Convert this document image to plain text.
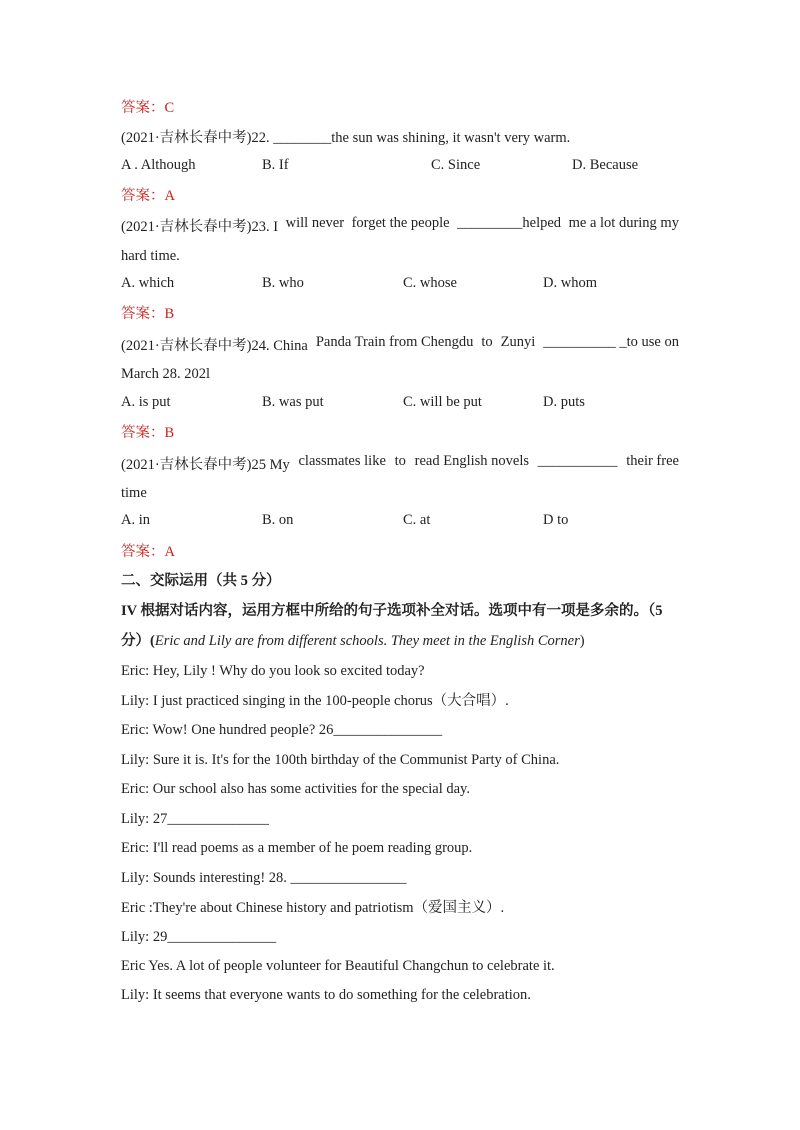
答案：C
(2021·吉林长春中考)22. ________the sun was shining, it wasn't very warm.
A . Although	B. If	C. Since	D. Because
答案：A
(2021·吉林长春中考)23. I will never forget the people _________helped me a lot during my
hard time.
A. which	B. who	C. whose	D. whom
答案：B
(2021·吉林长春中考)24. China Panda Train from Chengdu to Zunyi __________ _to use on
March 28. 202l
A. is put	B. was put	C. will be put	D. puts
答案：B
(2021·吉林长春中考)25 My classmates like to read English novels ___________ their free
time
A. in	B. on	C. at	D to
答案：A
二、交际运用（共 5 分）
IV 根据对话内容，运用方框中所给的句子选项补全对话。选项中有一项是多余的。（5
分）(Eric and Lily are from different schools. They meet in the English Corner)
Eric: Hey, Lily ! Why do you look so excited today?
Lily: I just practiced singing in the 100-people chorus（大合唱）.
Eric: Wow! One hundred people? 26_______________
Lily: Sure it is. It's for the 100th birthday of the Communist Party of China.
Eric: Our school also has some activities for the special day.
Lily: 27______________
Eric: I'll read poems as a member of he poem reading group.
Lily: Sounds interesting! 28. ________________
Eric :They're about Chinese history and patriotism（爱国主义）.
Lily: 29_______________
Eric Yes. A lot of people volunteer for Beautiful Changchun to celebrate it.
Lily: It seems that everyone wants to do something for the celebration.
